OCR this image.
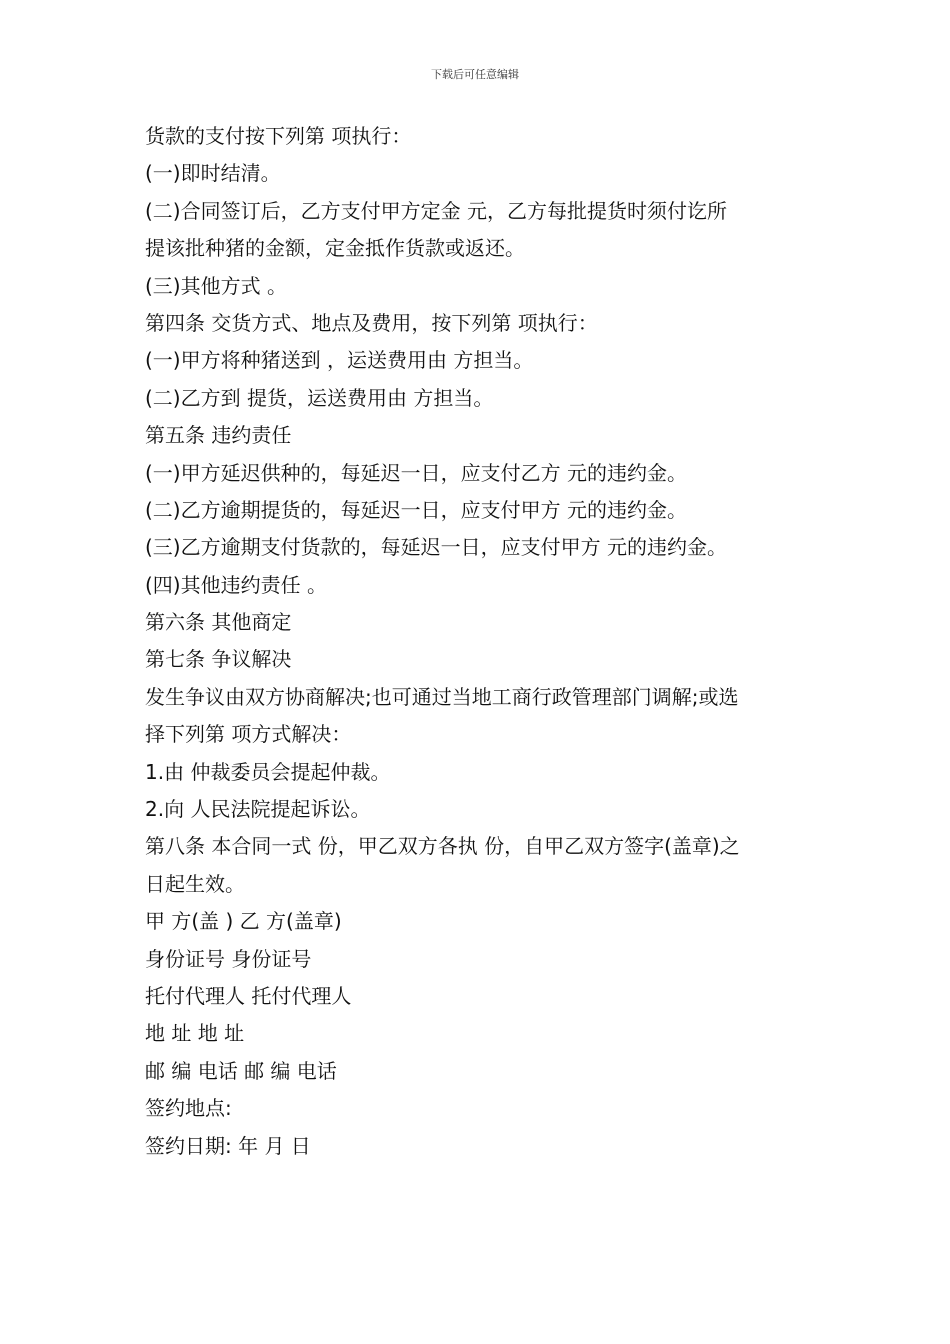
下载后可任意编辑
货款的支付按下列第 项执行：
(一)即时结清。
(二)合同签订后，乙方支付甲方定金 元，乙方每批提货时须付讫所
提该批种猪的金额，定金抵作货款或返还。
(三)其他方式 。
第四条 交货方式、地点及费用，按下列第 项执行：
(一)甲方将种猪送到 ，运送费用由 方担当。
(二)乙方到 提货，运送费用由 方担当。
第五条 违约责任
(一)甲方延迟供种的，每延迟一日，应支付乙方 元的违约金。
(二)乙方逾期提货的，每延迟一日，应支付甲方 元的违约金。
(三)乙方逾期支付货款的，每延迟一日，应支付甲方 元的违约金。
(四)其他违约责任 。
第六条 其他商定
第七条 争议解决
发生争议由双方协商解决;也可通过当地工商行政管理部门调解;或选
择下列第 项方式解决：
1.由 仲裁委员会提起仲裁。
2.向 人民法院提起诉讼。
第八条 本合同一式 份，甲乙双方各执 份，自甲乙双方签字(盖章)之
日起生效。
甲 方(盖 ) 乙 方(盖章)
身份证号 身份证号
托付代理人 托付代理人
地 址 地 址
邮 编 电话 邮 编 电话
签约地点:
签约日期: 年 月 日
